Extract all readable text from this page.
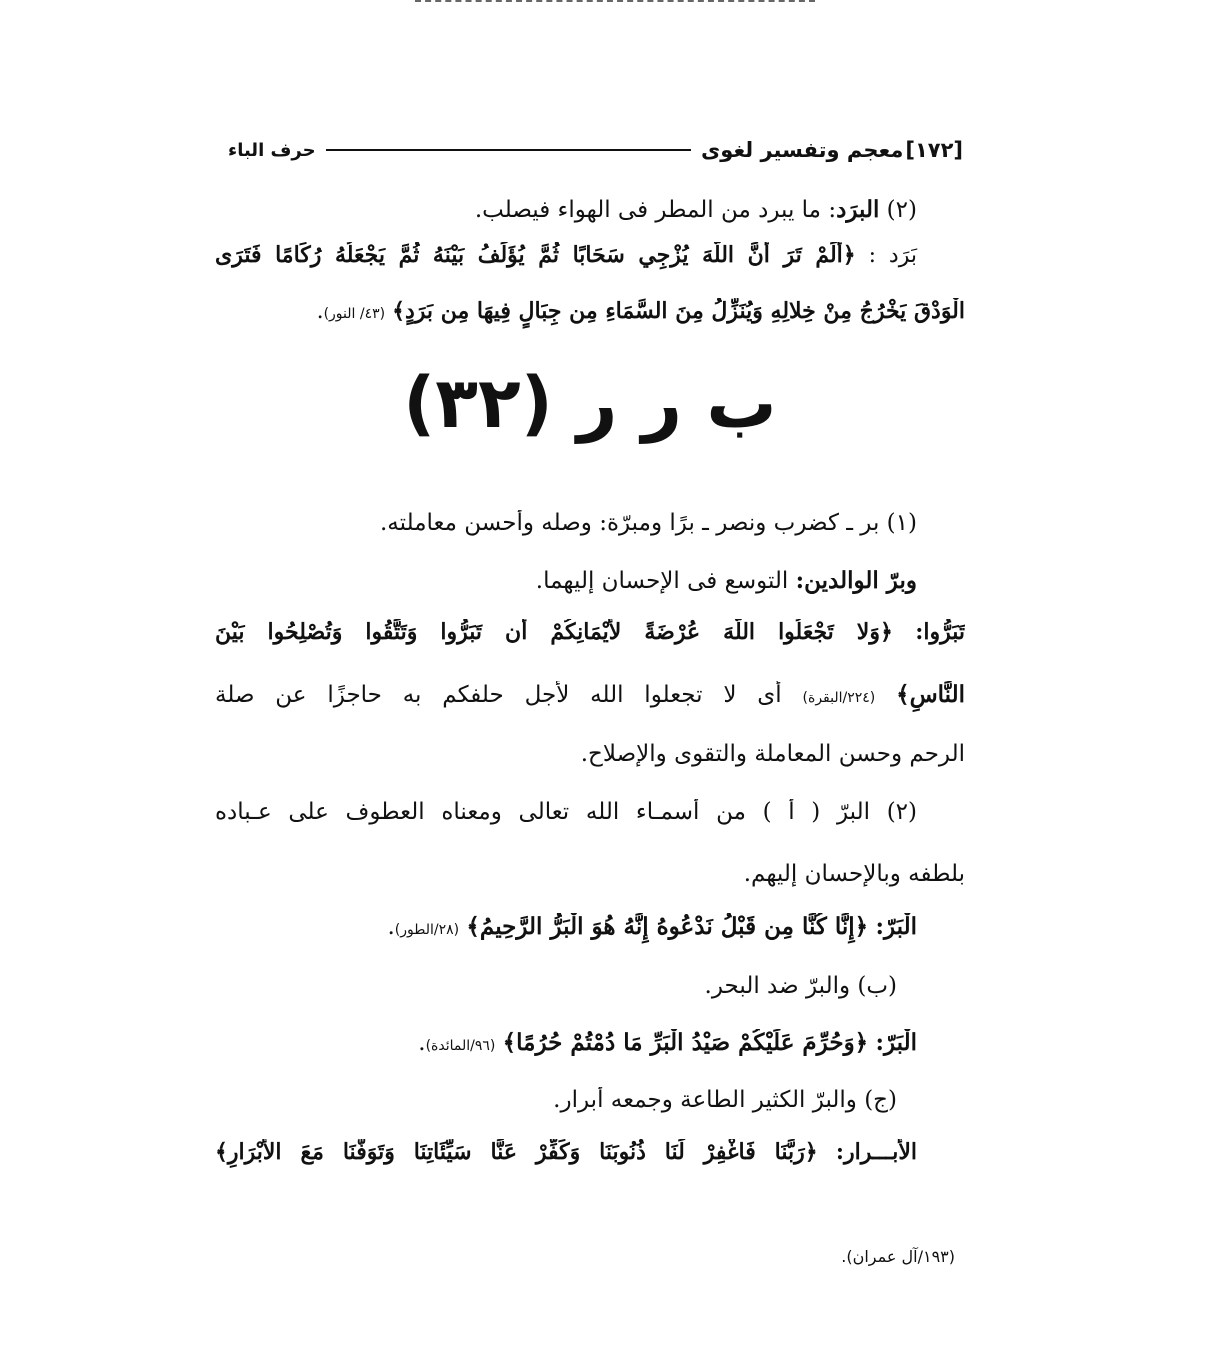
[١٧٢]
معجم وتفسير لغوى
حرف الباء
(٢) البرَد: ما يبرد من المطر فى الهواء فيصلب.
بَرَد : ﴿أَلَمْ تَرَ أَنَّ اللَّهَ يُزْجِي سَحَابًا ثُمَّ يُؤَلِّفُ بَيْنَهُ ثُمَّ يَجْعَلُهُ رُكَامًا فَتَرَى
الْوَدْقَ يَخْرُجُ مِنْ خِلالِهِ وَيُنَزِّلُ مِنَ السَّمَاءِ مِن جِبَالٍ فِيهَا مِن بَرَدٍ﴾ (٤٣/ النور).
ب ر ر (٣٢)
(١) بر ـ كضرب ونصر ـ برًا ومبرّة: وصله وأحسن معاملته.
وبرّ الوالدين: التوسع فى الإحسان إليهما.
تَبَرُّوا: ﴿وَلا تَجْعَلُوا اللَّهَ عُرْضَةً لأَيْمَانِكُمْ أَن تَبَرُّوا وَتَتَّقُوا وَتُصْلِحُوا بَيْنَ
النَّاسِ﴾ (٢٢٤/البقرة) أى لا تجعلوا الله لأجل حلفكم به حاجزًا عن صلة
الرحم وحسن المعاملة والتقوى والإصلاح.
(٢) البرّ ( أ ) من أسمـاء الله تعالى ومعناه العطوف على عـباده
بلطفه وبالإحسان إليهم.
الْبَرّ: ﴿إِنَّا كُنَّا مِن قَبْلُ نَدْعُوهُ إِنَّهُ هُوَ الْبَرُّ الرَّحِيمُ﴾ (٢٨/الطور).
(ب) والبرّ ضد البحر.
الْبَرّ: ﴿وَحُرِّمَ عَلَيْكُمْ صَيْدُ الْبَرِّ مَا دُمْتُمْ حُرُمًا﴾ (٩٦/المائدة).
(ج) والبرّ الكثير الطاعة وجمعه أبرار.
الأبـــرار: ﴿رَبَّنَا فَاغْفِرْ لَنَا ذُنُوبَنَا وَكَفِّرْ عَنَّا سَيِّئَاتِنَا وَتَوَفَّنَا مَعَ الأَبْرَارِ﴾
(١٩٣/آل عمران).
